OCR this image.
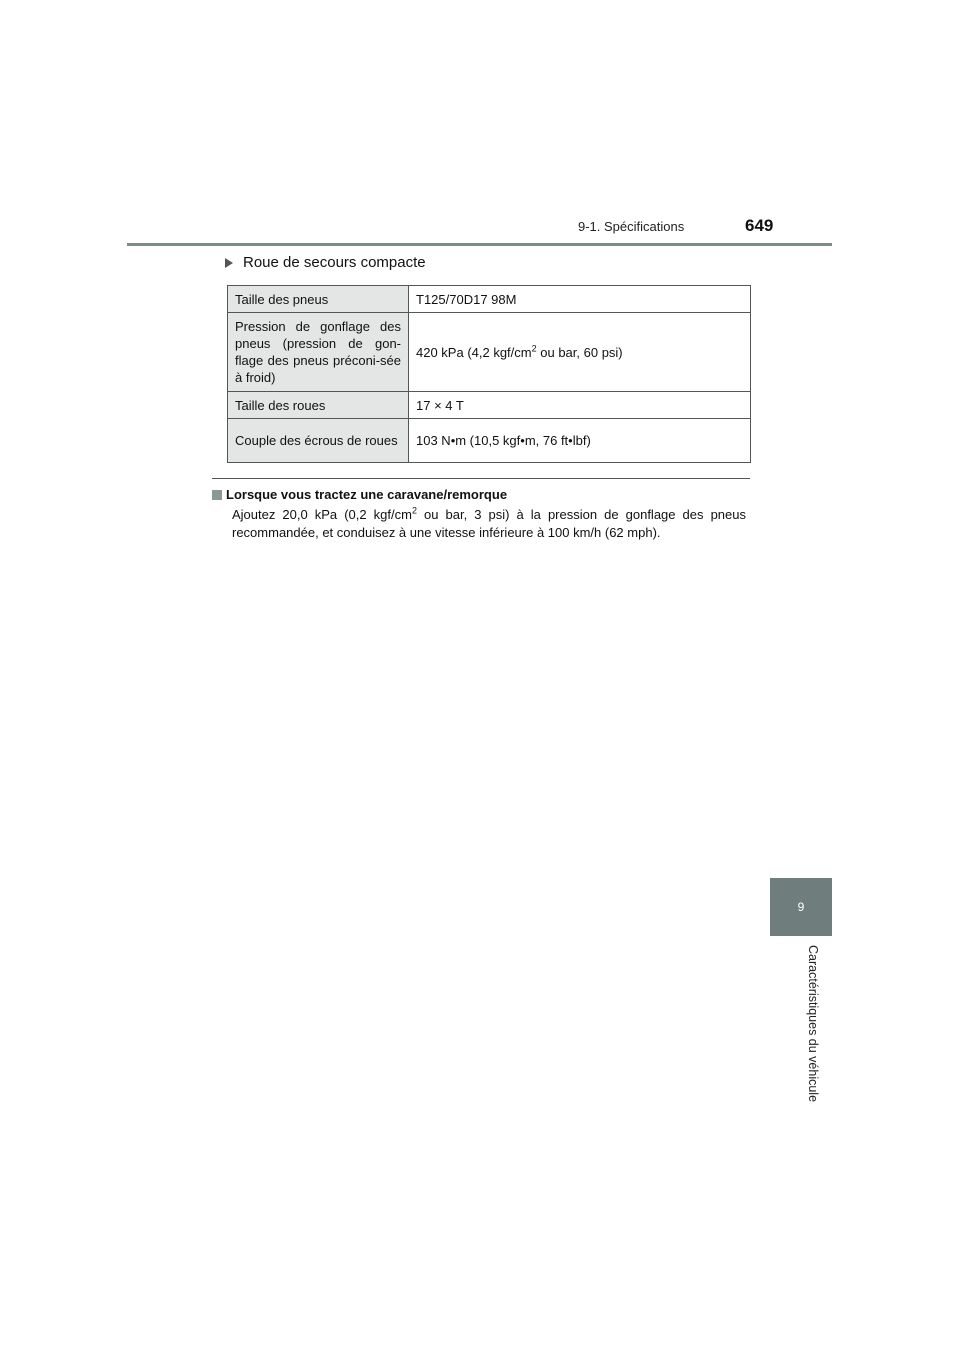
9-1. Spécifications	649
9
Caractéristiques du véhicule
Roue de secours compacte
Taille des pneus	T125/70D17 98M
Pression de gonflage des pneus (pression de gon-flage des pneus préconi-sée à froid)	420 kPa (4,2 kgf/$cm^2$ ou bar, 60 psi)
Taille des roues	17 × 4 T
Couple des écrous de roues	103 N•m (10,5 kgf•m, 76 ft•lbf)
Lorsque vous tractez une caravane/remorque
Ajoutez 20,0 kPa (0,2 kgf/$cm^2$ ou bar, 3 psi) à la pression de gonflage des pneus recommandée, et conduisez à une vitesse inférieure à 100 km/h (62 mph).
